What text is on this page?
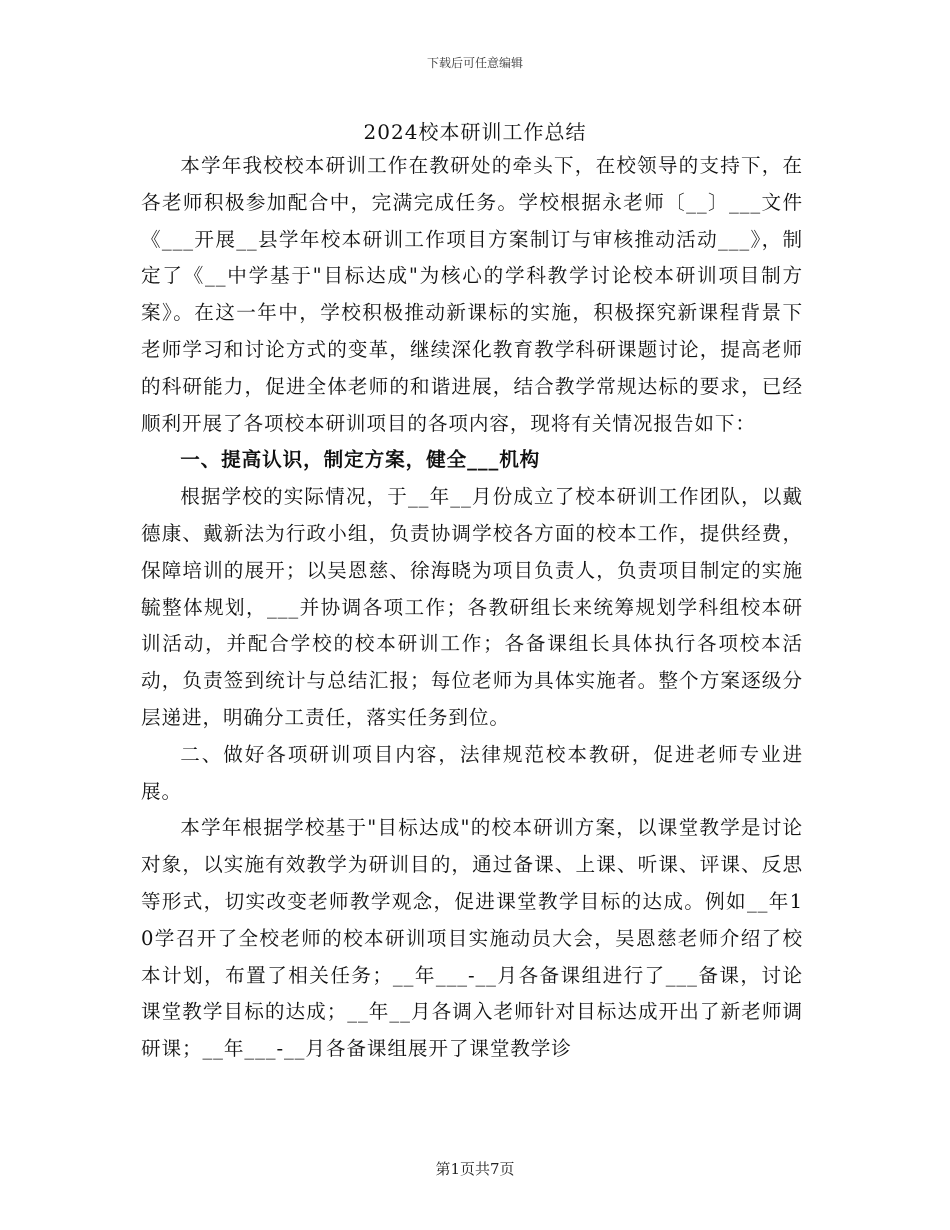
下载后可任意编辑
2024校本研训工作总结

本学年我校校本研训工作在教研处的牵头下，在校领导的支持下，在各老师积极参加配合中，完满完成任务。学校根据永老师〔__〕___文件《___开展__县学年校本研训工作项目方案制订与审核推动活动___》，制定了《__中学基于"目标达成"为核心的学科教学讨论校本研训项目制方案》。在这一年中，学校积极推动新课标的实施，积极探究新课程背景下老师学习和讨论方式的变革，继续深化教育教学科研课题讨论，提高老师的科研能力，促进全体老师的和谐进展，结合教学常规达标的要求，已经顺利开展了各项校本研训项目的各项内容，现将有关情况报告如下：

一、提高认识，制定方案，健全___机构

根据学校的实际情况，于__年__月份成立了校本研训工作团队，以戴德康、戴新法为行政小组，负责协调学校各方面的校本工作，提供经费，保障培训的展开；以吴恩慈、徐海晓为项目负责人，负责项目制定的实施毓整体规划，___并协调各项工作；各教研组长来统筹规划学科组校本研训活动，并配合学校的校本研训工作；各备课组长具体执行各项校本活动，负责签到统计与总结汇报；每位老师为具体实施者。整个方案逐级分层递进，明确分工责任，落实任务到位。

二、做好各项研训项目内容，法律规范校本教研，促进老师专业进展。

本学年根据学校基于"目标达成"的校本研训方案，以课堂教学是讨论对象，以实施有效教学为研训目的，通过备课、上课、听课、评课、反思等形式，切实改变老师教学观念，促进课堂教学目标的达成。例如__年10学召开了全校老师的校本研训项目实施动员大会，吴恩慈老师介绍了校本计划，布置了相关任务；__年___-__月各备课组进行了___备课，讨论课堂教学目标的达成；__年__月各调入老师针对目标达成开出了新老师调研课；__年___-__月各备课组展开了课堂教学诊

第1页共7页
